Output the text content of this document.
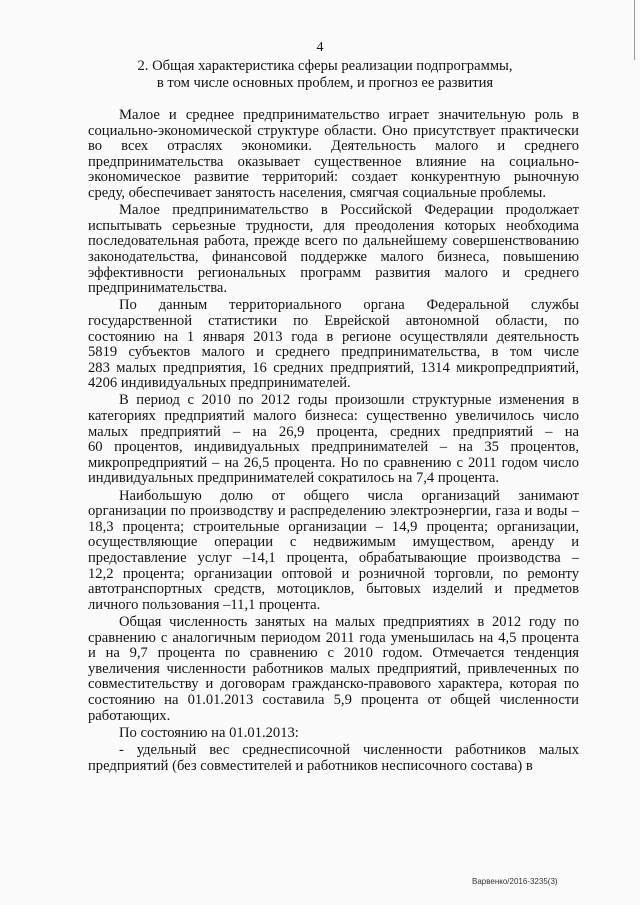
4
2. Общая характеристика сферы реализации подпрограммы,
в том числе основных проблем, и прогноз ее развития
Малое и среднее предпринимательство играет значительную роль в
социально-экономической структуре области. Оно присутствует практически
во всех отраслях экономики. Деятельность малого и среднего
предпринимательства оказывает существенное влияние на социально-
экономическое развитие территорий: создает конкурентную рыночную
среду, обеспечивает занятость населения, смягчая социальные проблемы.
Малое предпринимательство в Российской Федерации продолжает
испытывать серьезные трудности, для преодоления которых необходима
последовательная работа, прежде всего по дальнейшему совершенствованию
законодательства, финансовой поддержке малого бизнеса, повышению
эффективности региональных программ развития малого и среднего
предпринимательства.
По данным территориального органа Федеральной службы
государственной статистики по Еврейской автономной области, по
состоянию на 1 января 2013 года в регионе осуществляли деятельность
5819 субъектов малого и среднего предпринимательства, в том числе
283 малых предприятия, 16 средних предприятий, 1314 микропредприятий,
4206 индивидуальных предпринимателей.
В период с 2010 по 2012 годы произошли структурные изменения в
категориях предприятий малого бизнеса: существенно увеличилось число
малых предприятий – на 26,9 процента, средних предприятий – на
60 процентов, индивидуальных предпринимателей – на 35 процентов,
микропредприятий – на 26,5 процента. Но по сравнению с 2011 годом число
индивидуальных предпринимателей сократилось на 7,4 процента.
Наибольшую долю от общего числа организаций занимают
организации по производству и распределению электроэнергии, газа и воды –
18,3 процента; строительные организации – 14,9 процента; организации,
осуществляющие операции с недвижимым имуществом, аренду и
предоставление услуг –14,1 процента, обрабатывающие производства –
12,2 процента; организации оптовой и розничной торговли, по ремонту
автотранспортных средств, мотоциклов, бытовых изделий и предметов
личного пользования –11,1 процента.
Общая численность занятых на малых предприятиях в 2012 году по
сравнению с аналогичным периодом 2011 года уменьшилась на 4,5 процента
и на 9,7 процента по сравнению с 2010 годом. Отмечается тенденция
увеличения численности работников малых предприятий, привлеченных по
совместительству и договорам гражданско-правового характера, которая по
состоянию на 01.01.2013 составила 5,9 процента от общей численности
работающих.
По состоянию на 01.01.2013:
- удельный вес среднесписочной численности работников малых
предприятий (без совместителей и работников несписочного состава) в
Варвенко/2016-3235(3)
